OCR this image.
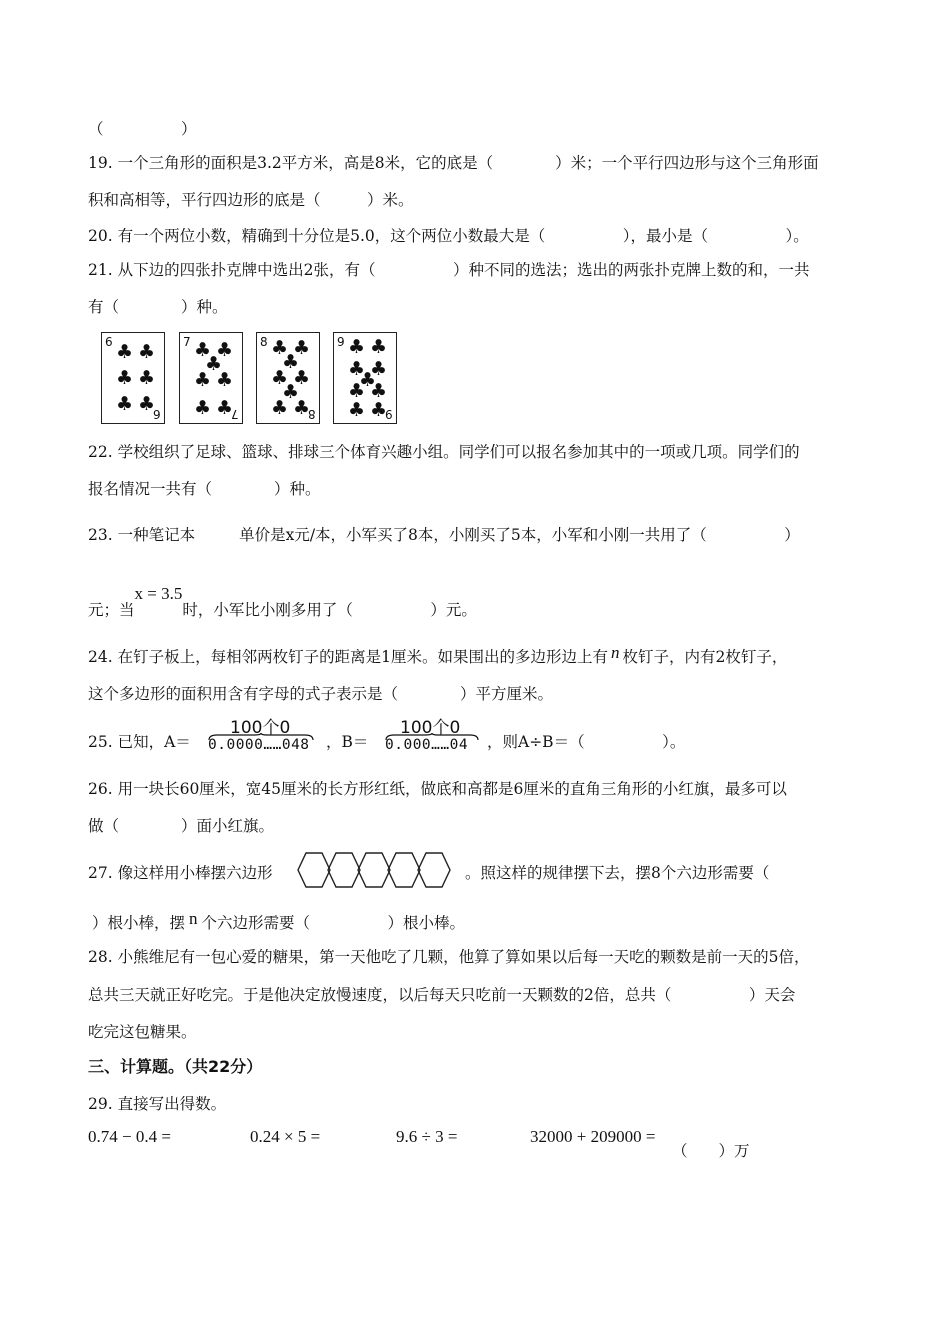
（　　　　　）
19. 一个三角形的面积是3.2平方米，高是8米，它的底是（　　　　）米；一个平行四边形与这个三角形面
积和高相等，平行四边形的底是（　　　）米。
20. 有一个两位小数，精确到十分位是5.0，这个两位小数最大是（　　　　　），最小是（　　　　　）。
21. 从下边的四张扑克牌中选出2张，有（　　　　　）种不同的选法；选出的两张扑克牌上数的和，一共
有（　　　　）种。
6
6
♣ ♣
♣ ♣
♣ ♣
7
7
♣ ♣
♣
♣ ♣
♣ ♣
8
8
♣ ♣
♣
♣ ♣
♣
♣ ♣
9
9
♣ ♣
♣ ♣
♣
♣ ♣
♣ ♣
22. 学校组织了足球、篮球、排球三个体育兴趣小组。同学们可以报名参加其中的一项或几项。同学们的
报名情况一共有（　　　　）种。
23. 一种笔记本	单价是x元/本，小军买了8本，小刚买了5本，小军和小刚一共用了（　　　　　）
元；当x = 3.5时，小军比小刚多用了（　　　　　）元。
24. 在钉子板上，每相邻两枚钉子的距离是1厘米。如果围出的多边形边上有 n 枚钉子，内有2枚钉子，
这个多边形的面积用含有字母的式子表示是（　　　　）平方厘米。
25. 已知，A＝
100个0
0.0000……048 ，B＝
100个0
0.000……04 ，则A÷B＝（　　　　　）。
26. 用一块长60厘米，宽45厘米的长方形红纸，做底和高都是6厘米的直角三角形的小红旗，最多可以
做（　　　　）面小红旗。
27. 像这样用小棒摆六边形	。照这样的规律摆下去，摆8个六边形需要（
）根小棒，摆 n 个六边形需要（　　　　　）根小棒。
28. 小熊维尼有一包心爱的糖果，第一天他吃了几颗，他算了算如果以后每一天吃的颗数是前一天的5倍，
总共三天就正好吃完。于是他决定放慢速度，以后每天只吃前一天颗数的2倍，总共（　　　　　）天会
吃完这包糖果。
三、计算题。（共22分）
29. 直接写出得数。
0.74 − 0.4 =	0.24 × 5 =	9.6 ÷ 3 =	32000 + 209000 =
（　　）万
